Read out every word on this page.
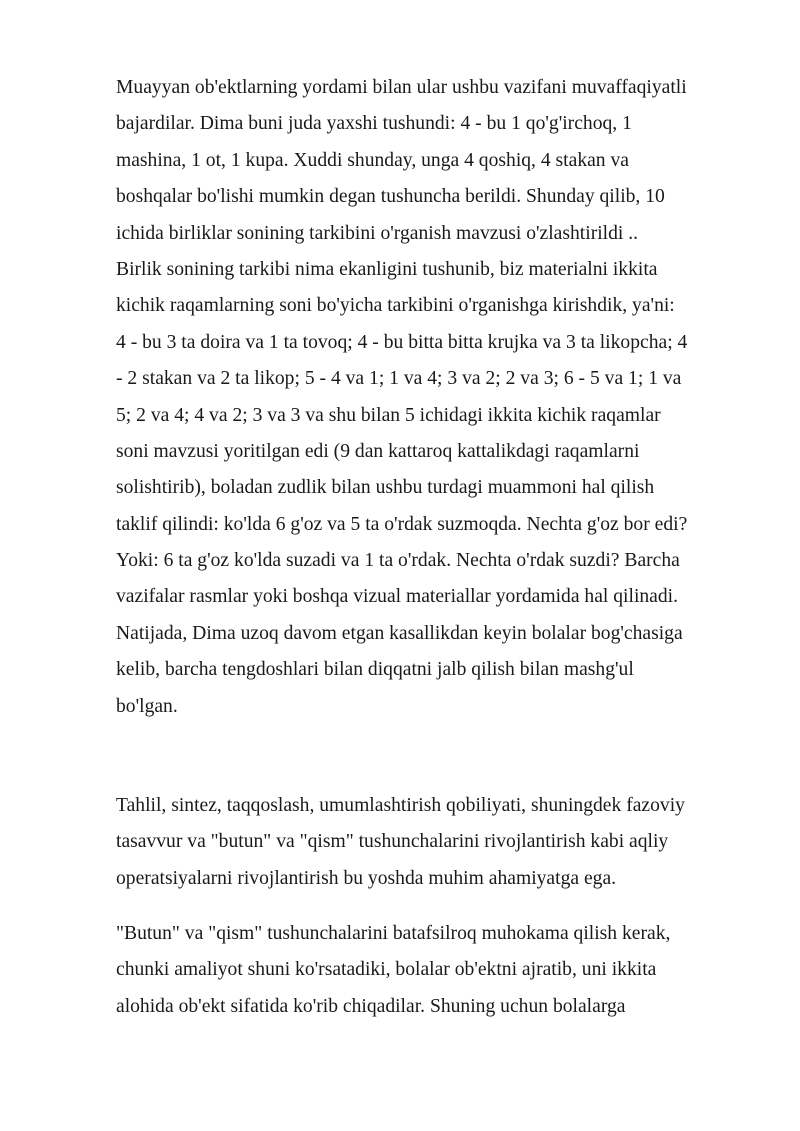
Muayyan ob'ektlarning yordami bilan ular ushbu vazifani muvaffaqiyatli
bajardilar. Dima buni juda yaxshi tushundi: 4 - bu 1 qo'g'irchoq, 1
mashina, 1 ot, 1 kupa. Xuddi shunday, unga 4 qoshiq, 4 stakan va
boshqalar bo'lishi mumkin degan tushuncha berildi. Shunday qilib, 10
ichida birliklar sonining tarkibini o'rganish mavzusi o'zlashtirildi ..
Birlik sonining tarkibi nima ekanligini tushunib, biz materialni ikkita
kichik raqamlarning soni bo'yicha tarkibini o'rganishga kirishdik, ya'ni:
4 - bu 3 ta doira va 1 ta tovoq; 4 - bu bitta bitta krujka va 3 ta likopcha; 4
- 2 stakan va 2 ta likop; 5 - 4 va 1; 1 va 4; 3 va 2; 2 va 3; 6 - 5 va 1; 1 va
5; 2 va 4; 4 va 2; 3 va 3 va shu bilan 5 ichidagi ikkita kichik raqamlar
soni mavzusi yoritilgan edi (9 dan kattaroq kattalikdagi raqamlarni
solishtirib), boladan zudlik bilan ushbu turdagi muammoni hal qilish
taklif qilindi: ko'lda 6 g'oz va 5 ta o'rdak suzmoqda. Nechta g'oz bor edi?
Yoki: 6 ta g'oz ko'lda suzadi va 1 ta o'rdak. Nechta o'rdak suzdi? Barcha
vazifalar rasmlar yoki boshqa vizual materiallar yordamida hal qilinadi.
Natijada, Dima uzoq davom etgan kasallikdan keyin bolalar bog'chasiga
kelib, barcha tengdoshlari bilan diqqatni jalb qilish bilan mashg'ul
bo'lgan.
Tahlil, sintez, taqqoslash, umumlashtirish qobiliyati, shuningdek fazoviy
tasavvur va "butun" va "qism" tushunchalarini rivojlantirish kabi aqliy
operatsiyalarni rivojlantirish bu yoshda muhim ahamiyatga ega.
"Butun" va "qism" tushunchalarini batafsilroq muhokama qilish kerak,
chunki amaliyot shuni ko'rsatadiki, bolalar ob'ektni ajratib, uni ikkita
alohida ob'ekt sifatida ko'rib chiqadilar. Shuning uchun bolalarga
